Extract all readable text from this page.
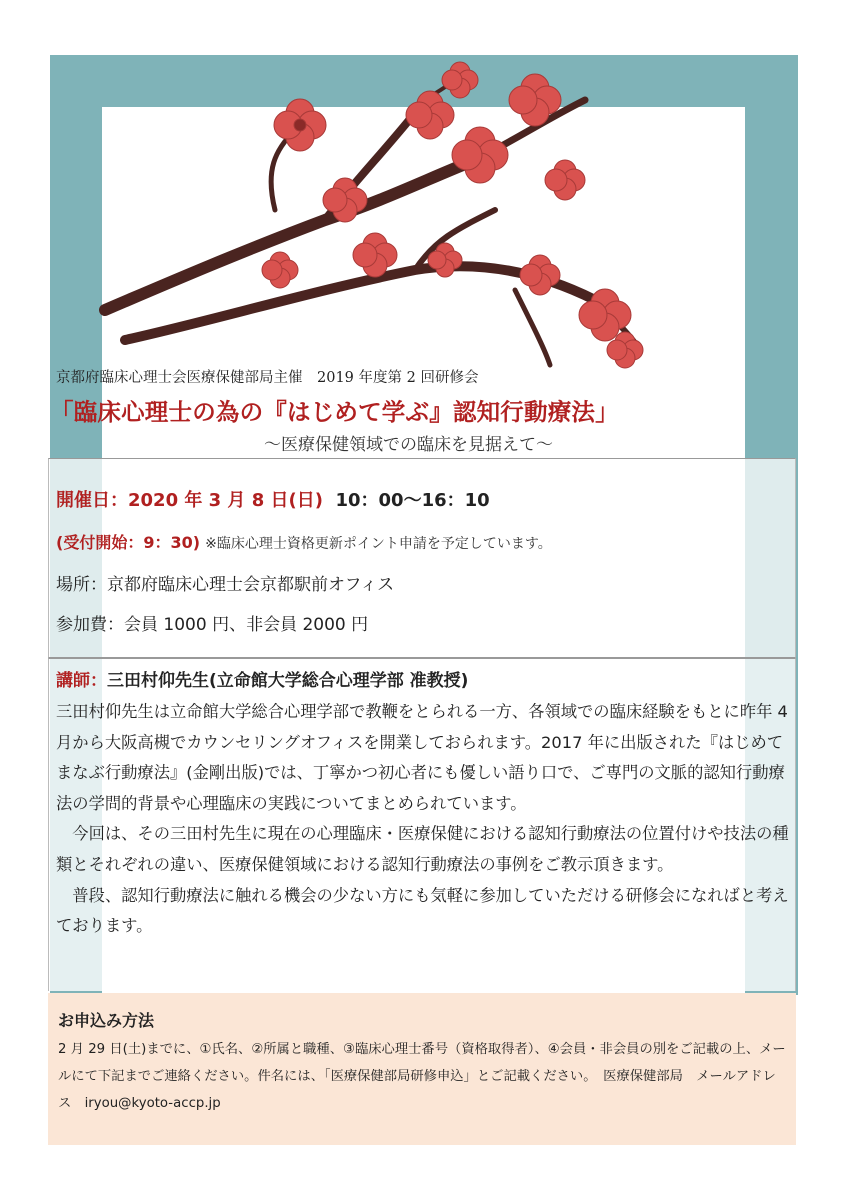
京都府臨床心理士会医療保健部局主催　2019 年度第 2 回研修会
「臨床心理士の為の『はじめて学ぶ』認知行動療法」
～医療保健領域での臨床を見据えて～
開催日：2020 年 3 月 8 日(日) 10：00～16：10
(受付開始：9：30) ※臨床心理士資格更新ポイント申請を予定しています。
場所：京都府臨床心理士会京都駅前オフィス
参加費：会員 1000 円、非会員 2000 円
講師：三田村仰先生(立命館大学総合心理学部 准教授)

三田村仰先生は立命館大学総合心理学部で教鞭をとられる一方、各領域での臨床経験をもとに昨年 4 月から大阪高槻でカウンセリングオフィスを開業しておられます。2017 年に出版された『はじめてまなぶ行動療法』(金剛出版)では、丁寧かつ初心者にも優しい語り口で、ご専門の文脈的認知行動療法の学問的背景や心理臨床の実践についてまとめられています。

　今回は、その三田村先生に現在の心理臨床・医療保健における認知行動療法の位置付けや技法の種類とそれぞれの違い、医療保健領域における認知行動療法の事例をご教示頂きます。

　普段、認知行動療法に触れる機会の少ない方にも気軽に参加していただける研修会になればと考えております。

お申込み方法

2 月 29 日(土)までに、①氏名、②所属と職種、③臨床心理士番号（資格取得者）、④会員・非会員の別をご記載の上、メールにて下記までご連絡ください。件名には、「医療保健部局研修申込」とご記載ください。　医療保健部局　メールアドレス　iryou@kyoto-accp.jp
